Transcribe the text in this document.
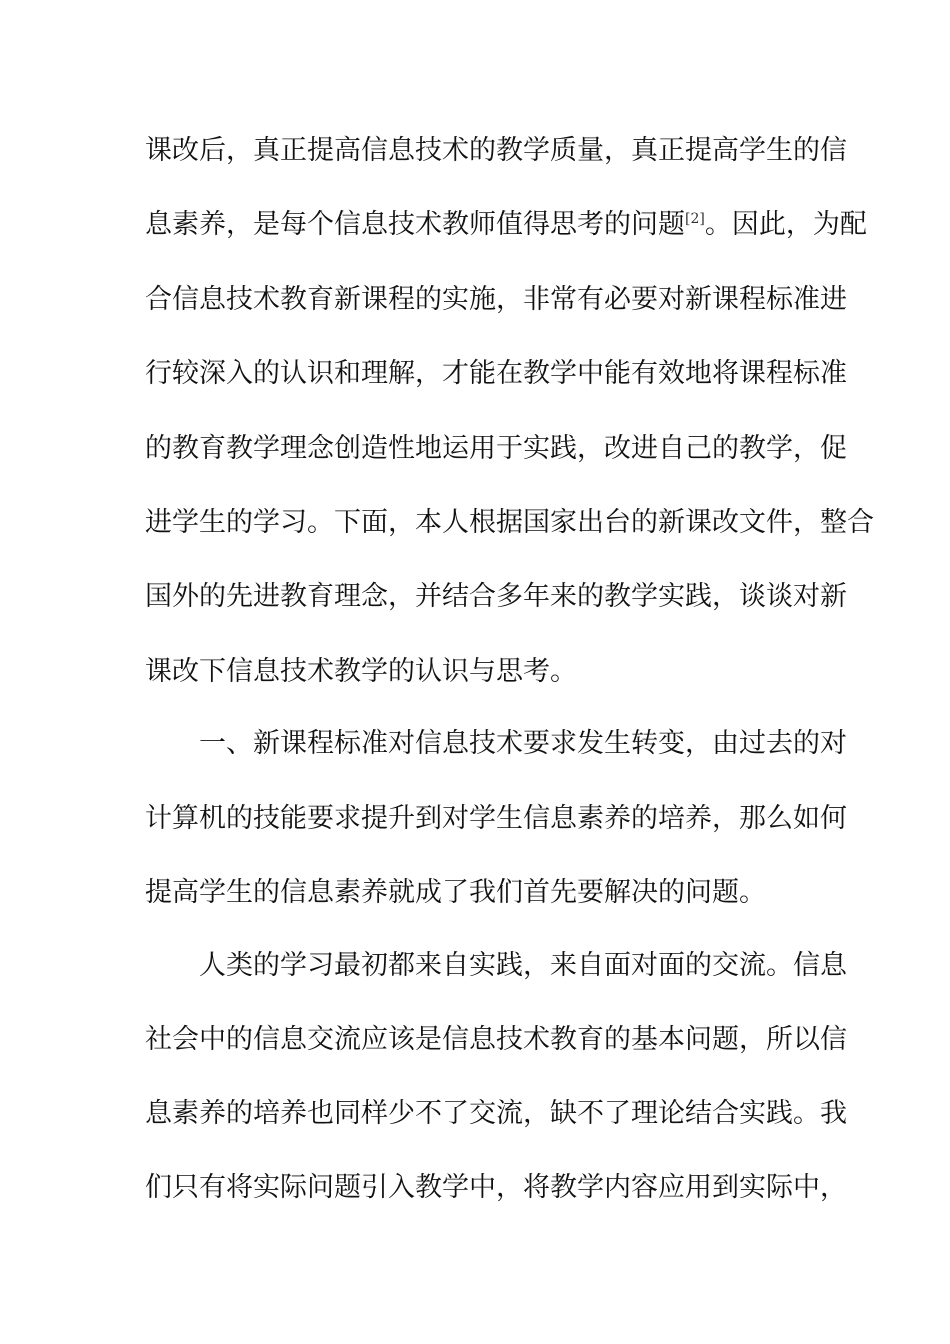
课改后，真正提高信息技术的教学质量，真正提高学生的信
息素养，是每个信息技术教师值得思考的问题[2]。因此，为配
合信息技术教育新课程的实施，非常有必要对新课程标准进
行较深入的认识和理解，才能在教学中能有效地将课程标准
的教育教学理念创造性地运用于实践，改进自己的教学，促
进学生的学习。下面，本人根据国家出台的新课改文件，整合
国外的先进教育理念，并结合多年来的教学实践，谈谈对新
课改下信息技术教学的认识与思考。
一、新课程标准对信息技术要求发生转变，由过去的对
计算机的技能要求提升到对学生信息素养的培养，那么如何
提高学生的信息素养就成了我们首先要解决的问题。
人类的学习最初都来自实践，来自面对面的交流。信息
社会中的信息交流应该是信息技术教育的基本问题，所以信
息素养的培养也同样少不了交流，缺不了理论结合实践。我
们只有将实际问题引入教学中，将教学内容应用到实际中，
